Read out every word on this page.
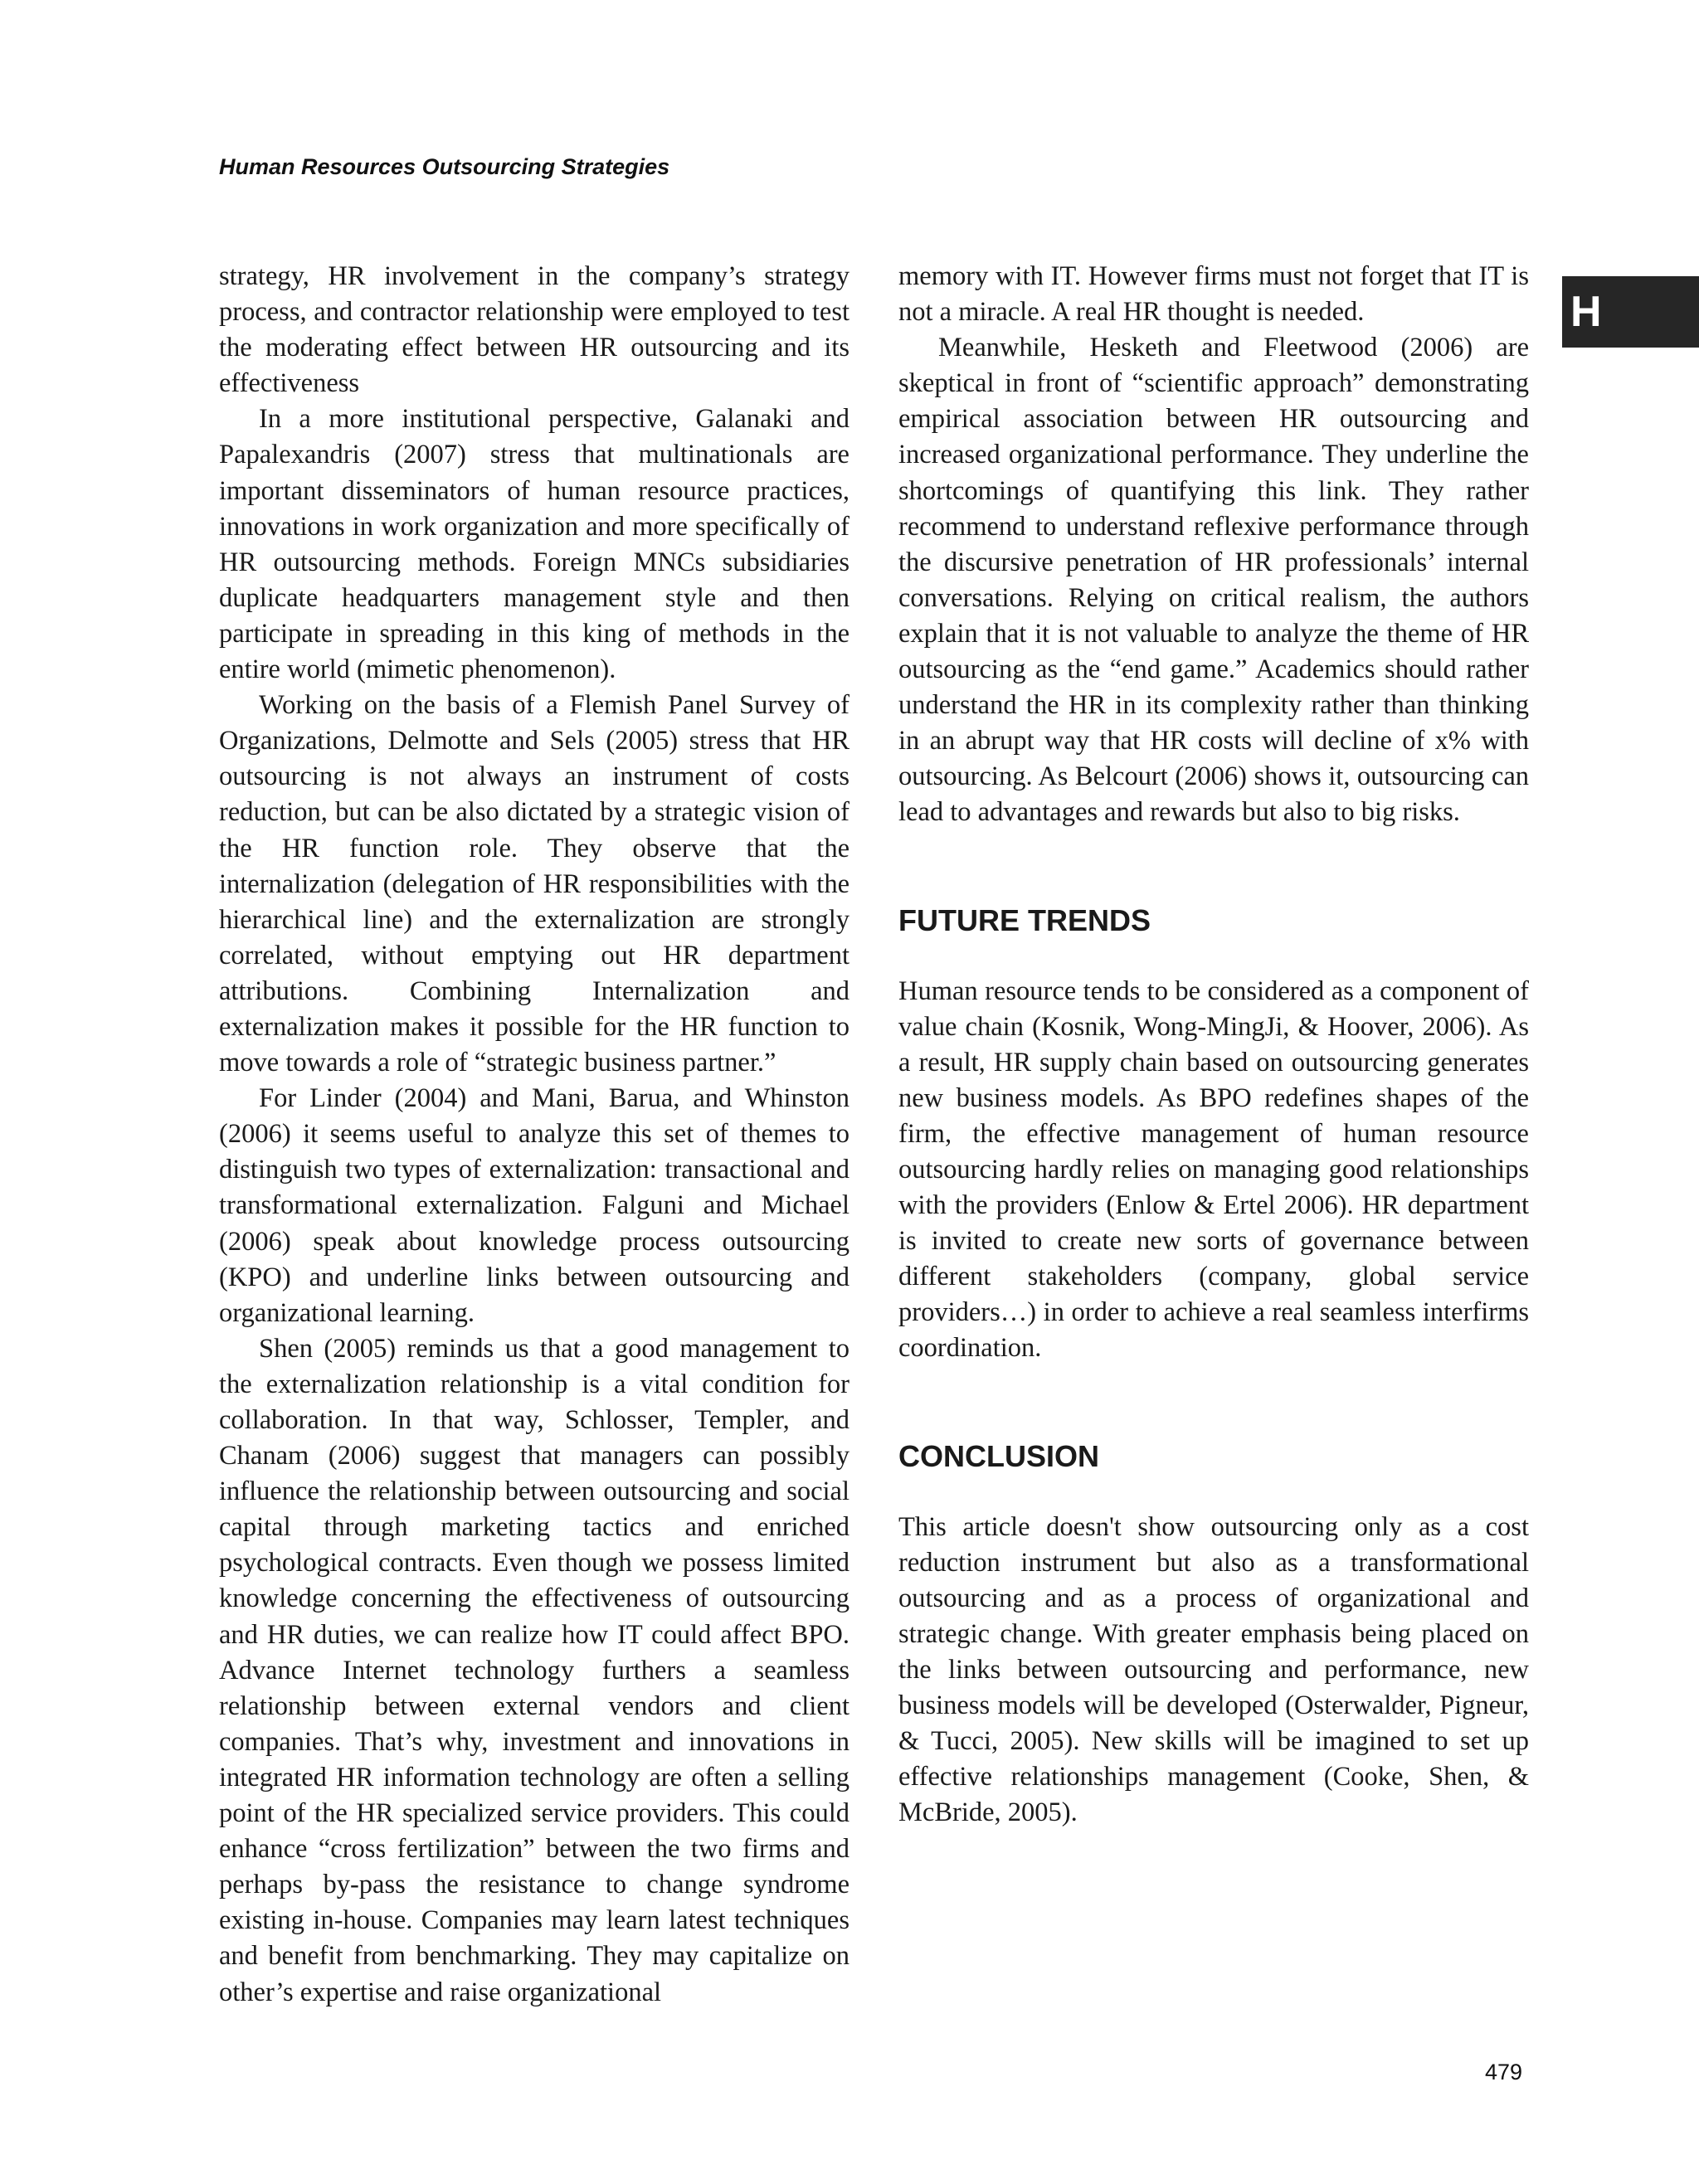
Human Resources Outsourcing Strategies
H

strategy, HR involvement in the company’s strategy process, and contractor relationship were employed to test the moderating effect between HR outsourcing and its effectiveness

In a more institutional perspective, Galanaki and Papalexandris (2007) stress that multinationals are important disseminators of human resource practices, innovations in work organization and more specifically of HR outsourcing methods. Foreign MNCs subsidiaries duplicate headquarters management style and then participate in spreading in this king of methods in the entire world (mimetic phenomenon).

Working on the basis of a Flemish Panel Survey of Organizations, Delmotte and Sels (2005) stress that HR outsourcing is not always an instrument of costs reduction, but can be also dictated by a strategic vision of the HR function role. They observe that the internalization (delegation of HR responsibilities with the hierarchical line) and the externalization are strongly correlated, without emptying out HR department attributions. Combining Internalization and externalization makes it possible for the HR function to move towards a role of “strategic business partner.”

For Linder (2004) and Mani, Barua, and Whinston (2006) it seems useful to analyze this set of themes to distinguish two types of externalization: transactional and transformational externalization. Falguni and Michael (2006) speak about knowledge process outsourcing (KPO) and underline links between outsourcing and organizational learning.

Shen (2005) reminds us that a good management to the externalization relationship is a vital condition for collaboration. In that way, Schlosser, Templer, and Chanam (2006) suggest that managers can possibly influence the relationship between outsourcing and social capital through marketing tactics and enriched psychological contracts. Even though we possess limited knowledge concerning the effectiveness of outsourcing and HR duties, we can realize how IT could affect BPO. Advance Internet technology furthers a seamless relationship between external vendors and client companies. That’s why, investment and innovations in integrated HR information technology are often a selling point of the HR specialized service providers. This could enhance “cross fertilization” between the two firms and perhaps by-pass the resistance to change syndrome existing in-house. Companies may learn latest techniques and benefit from benchmarking. They may capitalize on other’s expertise and raise organizational

memory with IT. However firms must not forget that IT is not a miracle. A real HR thought is needed.

Meanwhile, Hesketh and Fleetwood (2006) are skeptical in front of “scientific approach” demonstrating empirical association between HR outsourcing and increased organizational performance. They underline the shortcomings of quantifying this link. They rather recommend to understand reflexive performance through the discursive penetration of HR professionals’ internal conversations. Relying on critical realism, the authors explain that it is not valuable to analyze the theme of HR outsourcing as the “end game.” Academics should rather understand the HR in its complexity rather than thinking in an abrupt way that HR costs will decline of x% with outsourcing. As Belcourt (2006) shows it, outsourcing can lead to advantages and rewards but also to big risks.

FUTURE TRENDS

Human resource tends to be considered as a component of value chain (Kosnik, Wong-MingJi, & Hoover, 2006). As a result, HR supply chain based on outsourcing generates new business models. As BPO redefines shapes of the firm, the effective management of human resource outsourcing hardly relies on managing good relationships with the providers (Enlow & Ertel 2006). HR department is invited to create new sorts of governance between different stakeholders (company, global service providers…) in order to achieve a real seamless interfirms coordination.

CONCLUSION

This article doesn't show outsourcing only as a cost reduction instrument but also as a transformational outsourcing and as a process of organizational and strategic change. With greater emphasis being placed on the links between outsourcing and performance, new business models will be developed (Osterwalder, Pigneur, & Tucci, 2005). New skills will be imagined to set up effective relationships management (Cooke, Shen, & McBride, 2005).

479
